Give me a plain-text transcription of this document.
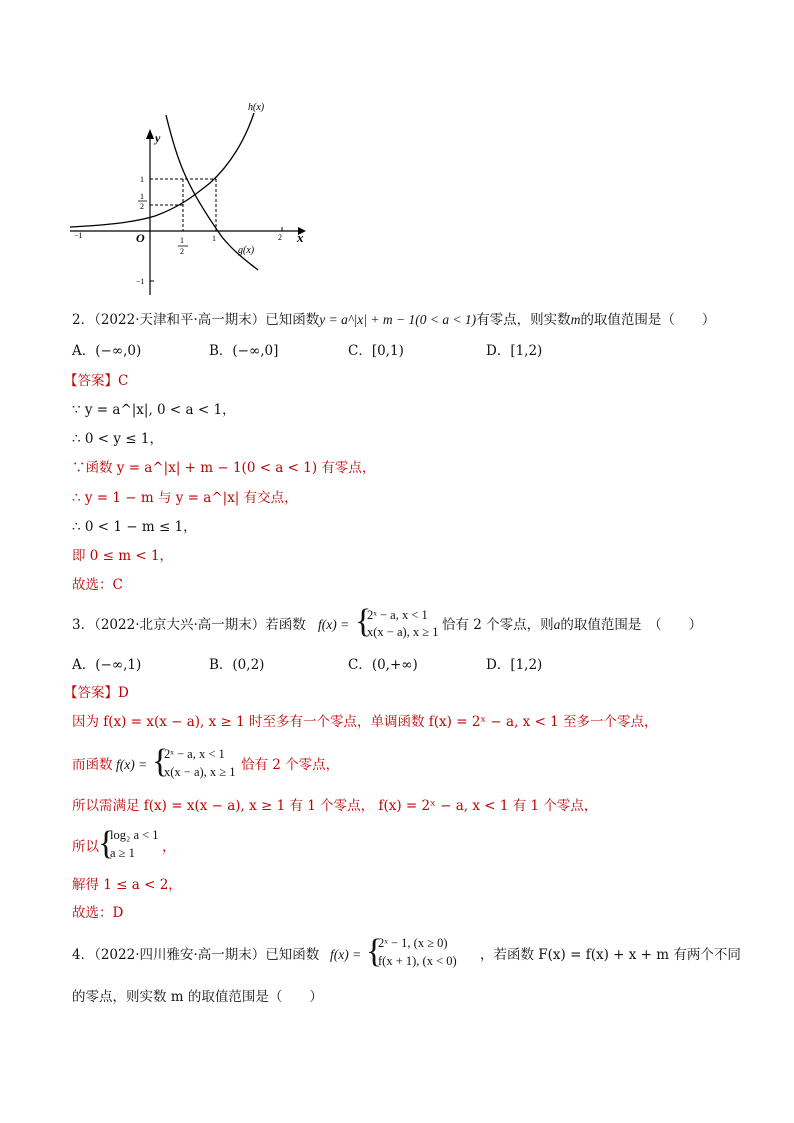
h(x)
g(x)
y
x
O
−1	1	2
1
2
1
1
2
−1
2．（2022·天津和平·高一期末）已知函数y = a^|x| + m − 1(0 < a < 1)有零点，则实数m的取值范围是（　　）
A．(−∞,0)	B．(−∞,0]	C．[0,1)	D．[1,2)
【答案】C
∵ y = a^|x|, 0 < a < 1，
∴ 0 < y ≤ 1，
∵函数 y = a^|x| + m − 1(0 < a < 1) 有零点，
∴ y = 1 − m 与 y = a^|x| 有交点，
∴ 0 < 1 − m ≤ 1，
即 0 ≤ m < 1，
故选：C
3．（2022·北京大兴·高一期末）若函数 f(x) = {
2ˣ − a, x < 1
x(x − a), x ≥ 1 恰有 2 个零点，则a的取值范围是　（　　）
A．(−∞,1)	B．(0,2)	C．(0,+∞)	D．[1,2)
【答案】D
因为 f(x) = x(x − a), x ≥ 1 时至多有一个零点，单调函数 f(x) = 2ˣ − a, x < 1 至多一个零点，
而函数 f(x) = {
2ˣ − a, x < 1
x(x − a), x ≥ 1 恰有 2 个零点，
所以需满足 f(x) = x(x − a), x ≥ 1 有 1 个零点， f(x) = 2ˣ − a, x < 1 有 1 个零点，
所以 {
log₂ a < 1
a ≥ 1 ，
解得 1 ≤ a < 2，
故选：D
4．（2022·四川雅安·高一期末）已知函数 f(x) = {
2ˣ − 1, (x ≥ 0)
f(x + 1), (x < 0) ，若函数 F(x) = f(x) + x + m 有两个不同
的零点，则实数 m 的取值范围是（　　）
